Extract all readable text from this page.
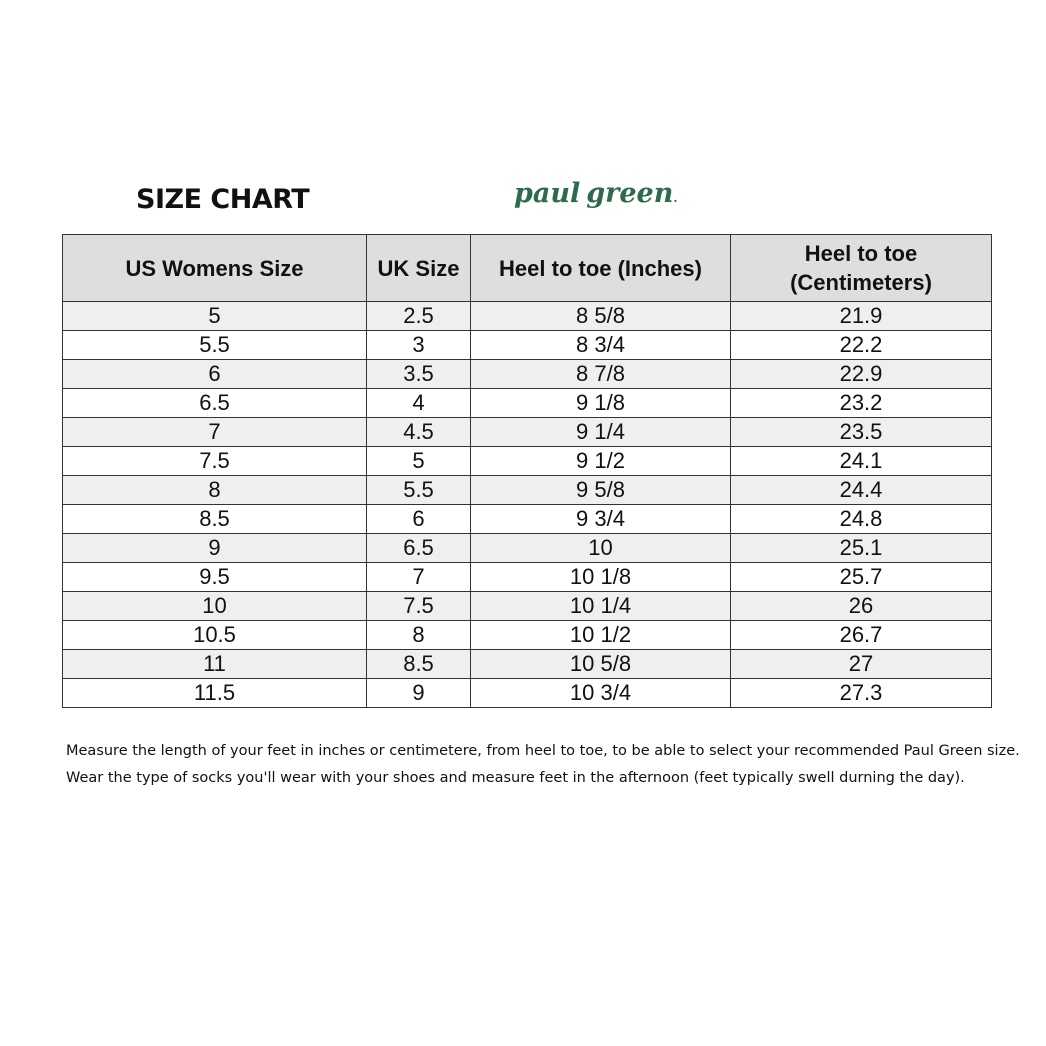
SIZE CHART	paul green.
US Womens Size	UK Size	Heel to toe (Inches)	Heel to toe (Centimeters)
5	2.5	8 5/8	21.9
5.5	3	8 3/4	22.2
6	3.5	8 7/8	22.9
6.5	4	9 1/8	23.2
7	4.5	9 1/4	23.5
7.5	5	9 1/2	24.1
8	5.5	9 5/8	24.4
8.5	6	9 3/4	24.8
9	6.5	10	25.1
9.5	7	10 1/8	25.7
10	7.5	10 1/4	26
10.5	8	10 1/2	26.7
11	8.5	10 5/8	27
11.5	9	10 3/4	27.3

Measure the length of your feet in inches or centimetere, from heel to toe, to be able to select your recommended Paul Green size.

Wear the type of socks you'll wear with your shoes and measure feet in the afternoon (feet typically swell durning the day).
